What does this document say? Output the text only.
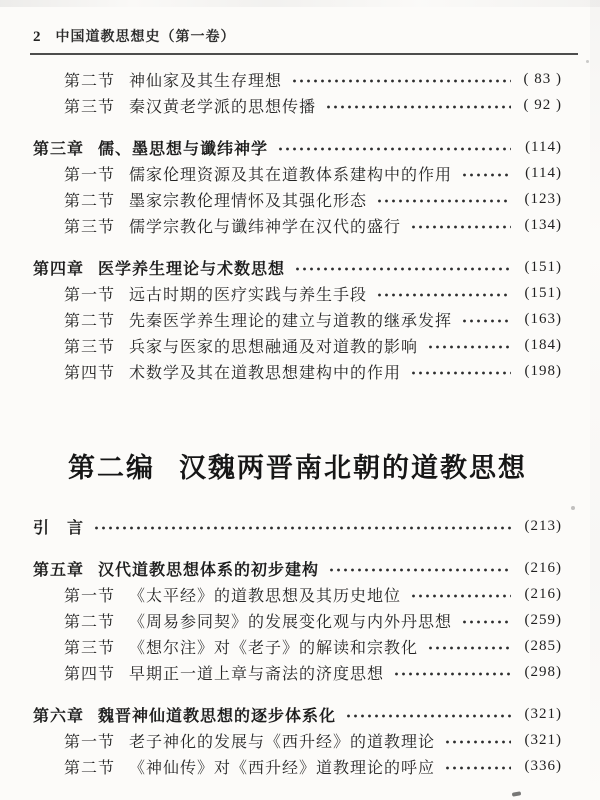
2 中国道教思想史（第一卷）
第二节 神仙家及其生存理想	( 83 )
第三节 秦汉黄老学派的思想传播	( 92 )
第三章 儒、墨思想与谶纬神学	(114)
第一节 儒家伦理资源及其在道教体系建构中的作用	(114)
第二节 墨家宗教伦理情怀及其强化形态	(123)
第三节 儒学宗教化与谶纬神学在汉代的盛行	(134)
第四章 医学养生理论与术数思想	(151)
第一节 远古时期的医疗实践与养生手段	(151)
第二节 先秦医学养生理论的建立与道教的继承发挥	(163)
第三节 兵家与医家的思想融通及对道教的影响	(184)
第四节 术数学及其在道教思想建构中的作用	(198)
第二编 汉魏两晋南北朝的道教思想
引　言	(213)
第五章 汉代道教思想体系的初步建构	(216)
第一节 《太平经》的道教思想及其历史地位	(216)
第二节 《周易参同契》的发展变化观与内外丹思想	(259)
第三节 《想尔注》对《老子》的解读和宗教化	(285)
第四节 早期正一道上章与斋法的济度思想	(298)
第六章 魏晋神仙道教思想的逐步体系化	(321)
第一节 老子神化的发展与《西升经》的道教理论	(321)
第二节 《神仙传》对《西升经》道教理论的呼应	(336)
